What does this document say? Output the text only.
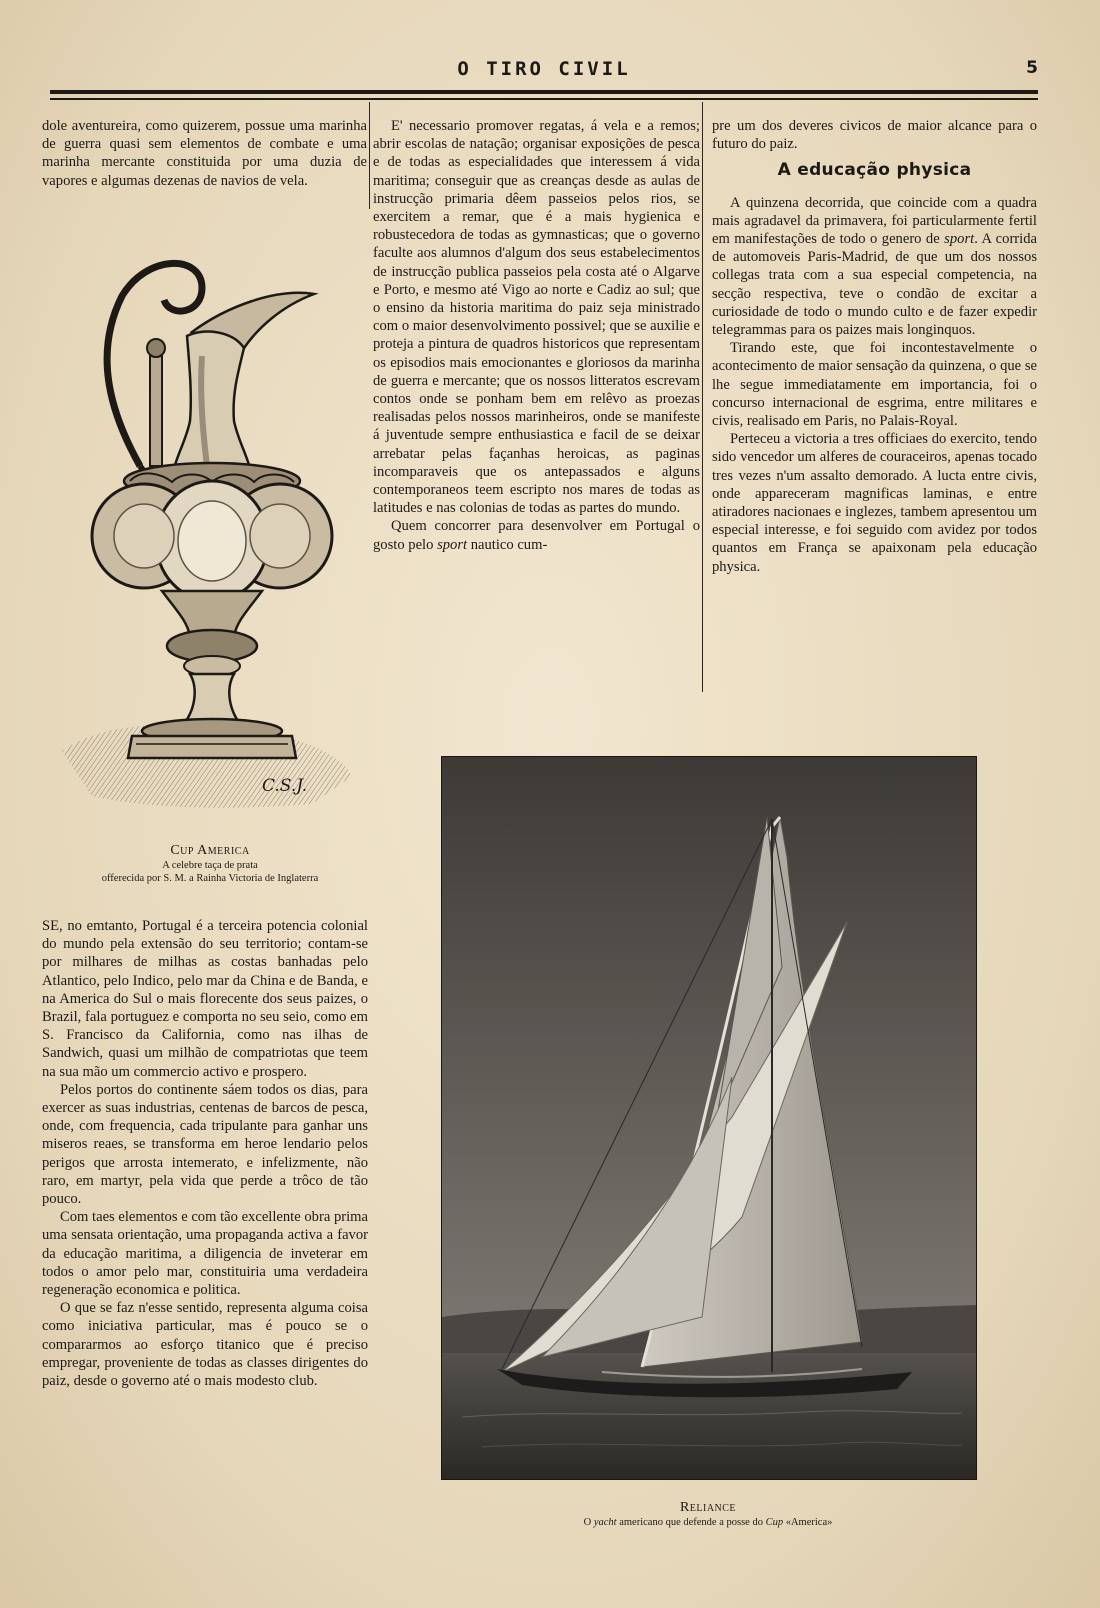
O TIRO CIVIL	5

dole aventureira, como quizerem, possue uma marinha de guerra quasi sem elementos de combate e uma marinha mercante constituida por uma duzia de vapores e algumas dezenas de navios de vela.

C.S.J.
Cup America
A celebre taça de prata
offerecida por S. M. a Rainha Victoria de Inglaterra

SE, no emtanto, Portugal é a terceira potencia colonial do mundo pela extensão do seu territorio; contam-se por milhares de milhas as costas banhadas pelo Atlantico, pelo Indico, pelo mar da China e de Banda, e na America do Sul o mais florecente dos seus paizes, o Brazil, fala portuguez e comporta no seu seio, como em S. Francisco da California, como nas ilhas de Sandwich, quasi um milhão de compatriotas que teem na sua mão um commercio activo e prospero.

Pelos portos do continente sáem todos os dias, para exercer as suas industrias, centenas de barcos de pesca, onde, com frequencia, cada tripulante para ganhar uns miseros reaes, se transforma em heroe lendario pelos perigos que arrosta intemerato, e infelizmente, não raro, em martyr, pela vida que perde a trôco de tão pouco.

Com taes elementos e com tão excellente obra prima uma sensata orientação, uma propaganda activa a favor da educação maritima, a diligencia de inveterar em todos o amor pelo mar, constituiria uma verdadeira regeneração economica e politica.

O que se faz n'esse sentido, representa alguma coisa como iniciativa particular, mas é pouco se o compararmos ao esforço titanico que é preciso empregar, proveniente de todas as classes dirigentes do paiz, desde o governo até o mais modesto club.

E' necessario promover regatas, á vela e a remos; abrir escolas de natação; organisar exposições de pesca e de todas as especialidades que interessem á vida maritima; conseguir que as creanças desde as aulas de instrucção primaria dêem passeios pelos rios, se exercitem a remar, que é a mais hygienica e robustecedora de todas as gymnasticas; que o governo faculte aos alumnos d'algum dos seus estabelecimentos de instrucção publica passeios pela costa até o Algarve e Porto, e mesmo até Vigo ao norte e Cadiz ao sul; que o ensino da historia maritima do paiz seja ministrado com o maior desenvolvimento possivel; que se auxilie e proteja a pintura de quadros historicos que representam os episodios mais emocionantes e gloriosos da marinha de guerra e mercante; que os nossos litteratos escrevam contos onde se ponham bem em relêvo as proezas realisadas pelos nossos marinheiros, onde se manifeste á juventude sempre enthusiastica e facil de se deixar arrebatar pelas façanhas heroicas, as paginas incomparaveis que os antepassados e alguns contemporaneos teem escripto nos mares de todas as latitudes e nas colonias de todas as partes do mundo.

Quem concorrer para desenvolver em Portugal o gosto pelo sport nautico cum-

pre um dos deveres civicos de maior alcance para o futuro do paiz.

A educação physica

A quinzena decorrida, que coincide com a quadra mais agradavel da primavera, foi particularmente fertil em manifestações de todo o genero de sport. A corrida de automoveis Paris-Madrid, de que um dos nossos collegas trata com a sua especial competencia, na secção respectiva, teve o condão de excitar a curiosidade de todo o mundo culto e de fazer expedir telegrammas para os paizes mais longinquos.

Tirando este, que foi incontestavelmente o acontecimento de maior sensação da quinzena, o que se lhe segue immediatamente em importancia, foi o concurso internacional de esgrima, entre militares e civis, realisado em Paris, no Palais-Royal.

Perteceu a victoria a tres officiaes do exercito, tendo sido vencedor um alferes de couraceiros, apenas tocado tres vezes n'um assalto demorado. A lucta entre civis, onde appareceram magnificas laminas, e entre atiradores nacionaes e inglezes, tambem apresentou um especial interesse, e foi seguido com avidez por todos quantos em França se apaixonam pela educação physica.

Reliance
O yacht americano que defende a posse do Cup «America»
